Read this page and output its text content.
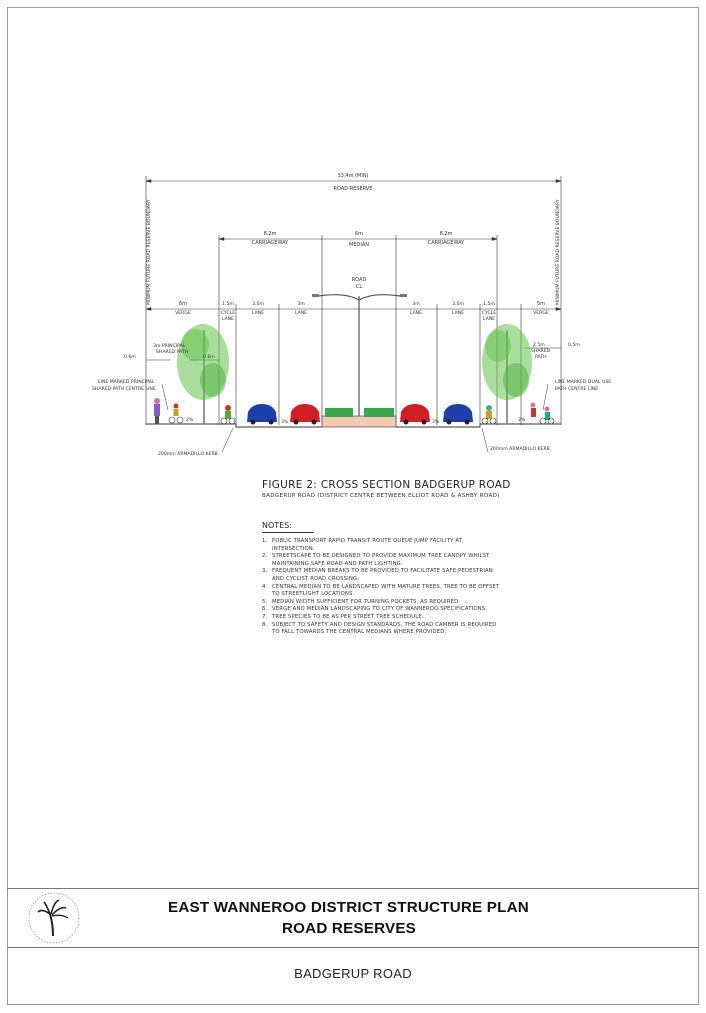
33.4m (MIN)
ROAD RESERVE
MINIMUM FUTURE ROAD RESERVE BOUNDARY	MINIMUM FUTURE ROAD RESERVE BOUNDARY
8.2m
CARRIAGEWAY
6m
MEDIAN
8.2m
CARRIAGEWAY
ROAD
CL
6m
VERGE
1.5m
CYCLE
LANE
3.5m
LANE
3m
LANE
3m
LANE
3.5m
LANE
1.5m
CYCLE
LANE
5m
VERGE
3m PRINCIPAL
SHARED PATH
0.6m	0.6m
2.5m
SHARED
PATH
0.5m
LINE MARKED PRINCIPAL
SHARED PATH CENTRE LINE
LINE MARKED DUAL USE
PATH CENTRE LINE
200mm ARMADILLO KERB
200mm ARMADILLO KERB
2%	3%	3%	2%
FIGURE 2: CROSS SECTION BADGERUP ROAD
BADGERUP ROAD (DISTRICT CENTRE BETWEEN ELLIOT ROAD & ASHBY ROAD)
NOTES:
1. PUBLIC TRANSPORT RAPID TRANSIT ROUTE QUEUE JUMP FACILITY AT INTERSECTION.
2. STREETSCAPE TO BE DESIGNED TO PROVIDE MAXIMUM TREE CANOPY WHILST MAINTAINING SAFE ROAD AND PATH LIGHTING.
3. FREQUENT MEDIAN BREAKS TO BE PROVIDED TO FACILITATE SAFE PEDESTRIAN AND CYCLIST ROAD CROSSING.
4. CENTRAL MEDIAN TO BE LANDSCAPED WITH MATURE TREES, TREE TO BE OFFSET TO STREETLIGHT LOCATIONS.
5. MEDIAN WIDTH SUFFICIENT FOR TURNING POCKETS, AS REQUIRED
6. VERGE AND MEDIAN LANDSCAPING TO CITY OF WANNEROO SPECIFICATIONS.
7. TREE SPECIES TO BE AS PER STREET TREE SCHEDULE.
8. SUBJECT TO SAFETY AND DESIGN STANDARDS, THE ROAD CAMBER IS REQUIRED TO FALL TOWARDS THE CENTRAL MEDIANS WHERE PROVIDED.
EAST WANNEROO DISTRICT STRUCTURE PLAN
ROAD RESERVES
BADGERUP ROAD
